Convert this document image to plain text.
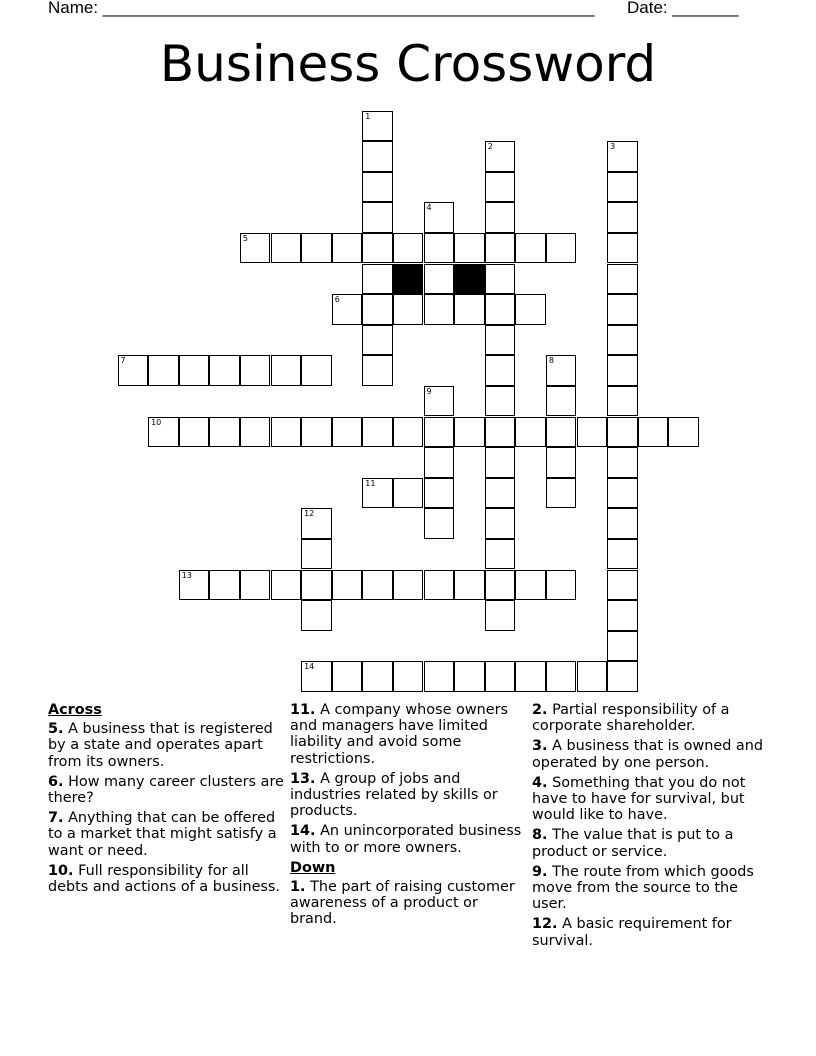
Name: ____________________________________________________ Date: _______
Business Crossword
1
2	3
4
5
6
7	8
9
10
11
12
13
14
Across
5. A business that is registered by a state and operates apart from its owners.
6. How many career clusters are there?
7. Anything that can be offered to a market that might satisfy a want or need.
10. Full responsibility for all debts and actions of a business.
11. A company whose owners and managers have limited liability and avoid some restrictions.
13. A group of jobs and industries related by skills or products.
14. An unincorporated business with to or more owners.
Down
1. The part of raising customer awareness of a product or brand.
2. Partial responsibility of a corporate shareholder.
3. A business that is owned and operated by one person.
4. Something that you do not have to have for survival, but would like to have.
8. The value that is put to a product or service.
9. The route from which goods move from the source to the user.
12. A basic requirement for survival.
